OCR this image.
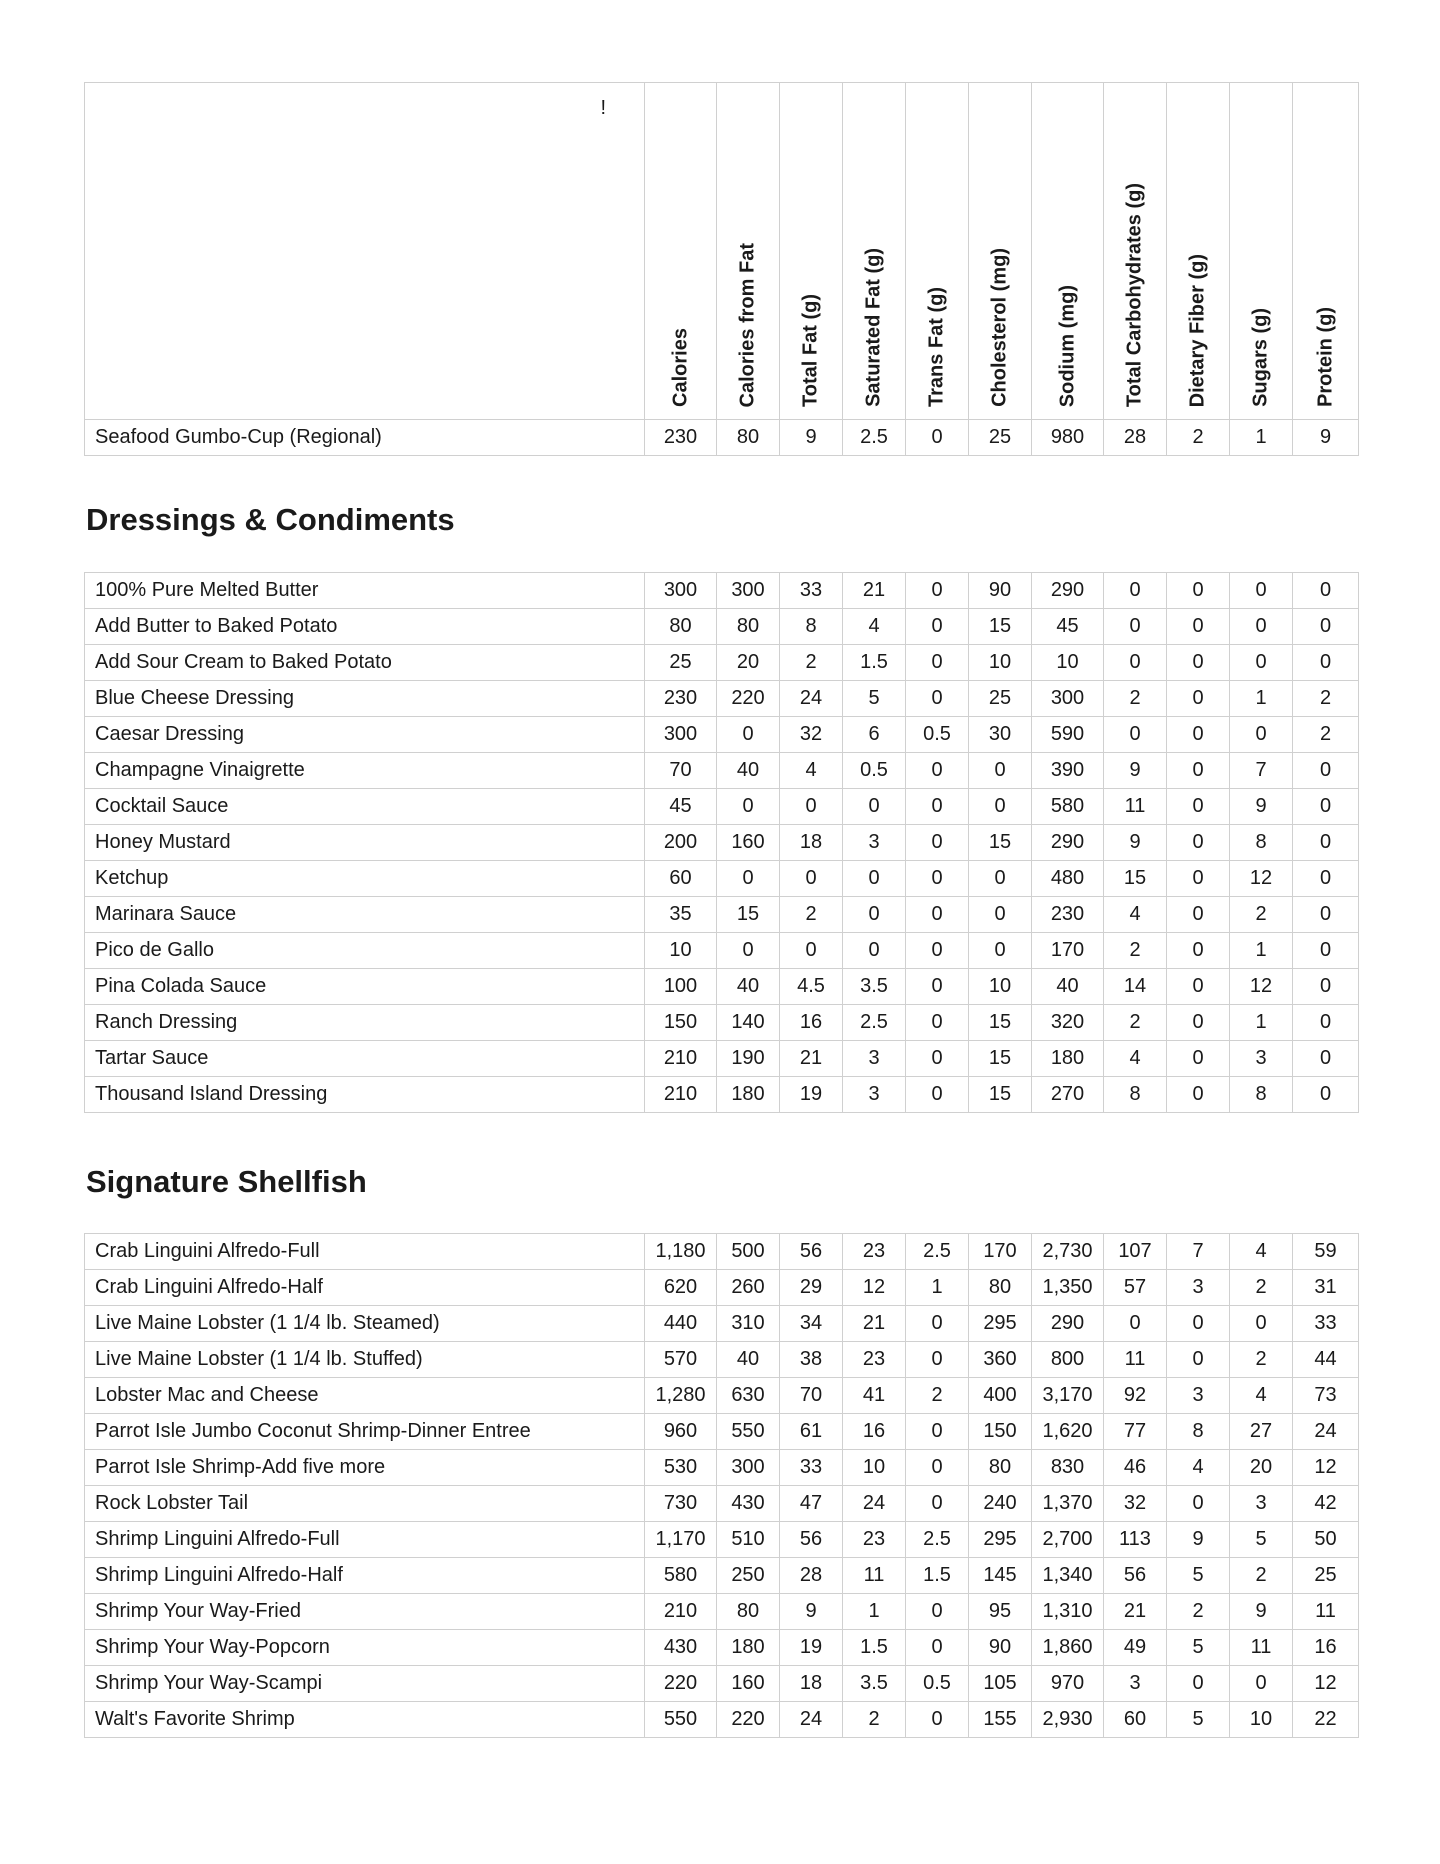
!	Calories	Calories from Fat	Total Fat (g)	Saturated Fat (g)	Trans Fat (g)	Cholesterol (mg)	Sodium (mg)	Total Carbohydrates (g)	Dietary Fiber (g)	Sugars (g)	Protein (g)

Seafood Gumbo-Cup (Regional)	230	80	9	2.5	0	25	980	28	2	1	9
Dressings & Condiments
100% Pure Melted Butter	300	300	33	21	0	90	290	0	0	0	0
Add Butter to Baked Potato	80	80	8	4	0	15	45	0	0	0	0
Add Sour Cream to Baked Potato	25	20	2	1.5	0	10	10	0	0	0	0
Blue Cheese Dressing	230	220	24	5	0	25	300	2	0	1	2
Caesar Dressing	300	0	32	6	0.5	30	590	0	0	0	2
Champagne Vinaigrette	70	40	4	0.5	0	0	390	9	0	7	0
Cocktail Sauce	45	0	0	0	0	0	580	11	0	9	0
Honey Mustard	200	160	18	3	0	15	290	9	0	8	0
Ketchup	60	0	0	0	0	0	480	15	0	12	0
Marinara Sauce	35	15	2	0	0	0	230	4	0	2	0
Pico de Gallo	10	0	0	0	0	0	170	2	0	1	0
Pina Colada Sauce	100	40	4.5	3.5	0	10	40	14	0	12	0
Ranch Dressing	150	140	16	2.5	0	15	320	2	0	1	0
Tartar Sauce	210	190	21	3	0	15	180	4	0	3	0
Thousand Island Dressing	210	180	19	3	0	15	270	8	0	8	0
Signature Shellfish
Crab Linguini Alfredo-Full	1,180	500	56	23	2.5	170	2,730	107	7	4	59
Crab Linguini Alfredo-Half	620	260	29	12	1	80	1,350	57	3	2	31
Live Maine Lobster (1 1/4 lb. Steamed)	440	310	34	21	0	295	290	0	0	0	33
Live Maine Lobster (1 1/4 lb. Stuffed)	570	40	38	23	0	360	800	11	0	2	44
Lobster Mac and Cheese	1,280	630	70	41	2	400	3,170	92	3	4	73
Parrot Isle Jumbo Coconut Shrimp-Dinner Entree	960	550	61	16	0	150	1,620	77	8	27	24
Parrot Isle Shrimp-Add five more	530	300	33	10	0	80	830	46	4	20	12
Rock Lobster Tail	730	430	47	24	0	240	1,370	32	0	3	42
Shrimp Linguini Alfredo-Full	1,170	510	56	23	2.5	295	2,700	113	9	5	50
Shrimp Linguini Alfredo-Half	580	250	28	11	1.5	145	1,340	56	5	2	25
Shrimp Your Way-Fried	210	80	9	1	0	95	1,310	21	2	9	11
Shrimp Your Way-Popcorn	430	180	19	1.5	0	90	1,860	49	5	11	16
Shrimp Your Way-Scampi	220	160	18	3.5	0.5	105	970	3	0	0	12
Walt's Favorite Shrimp	550	220	24	2	0	155	2,930	60	5	10	22
